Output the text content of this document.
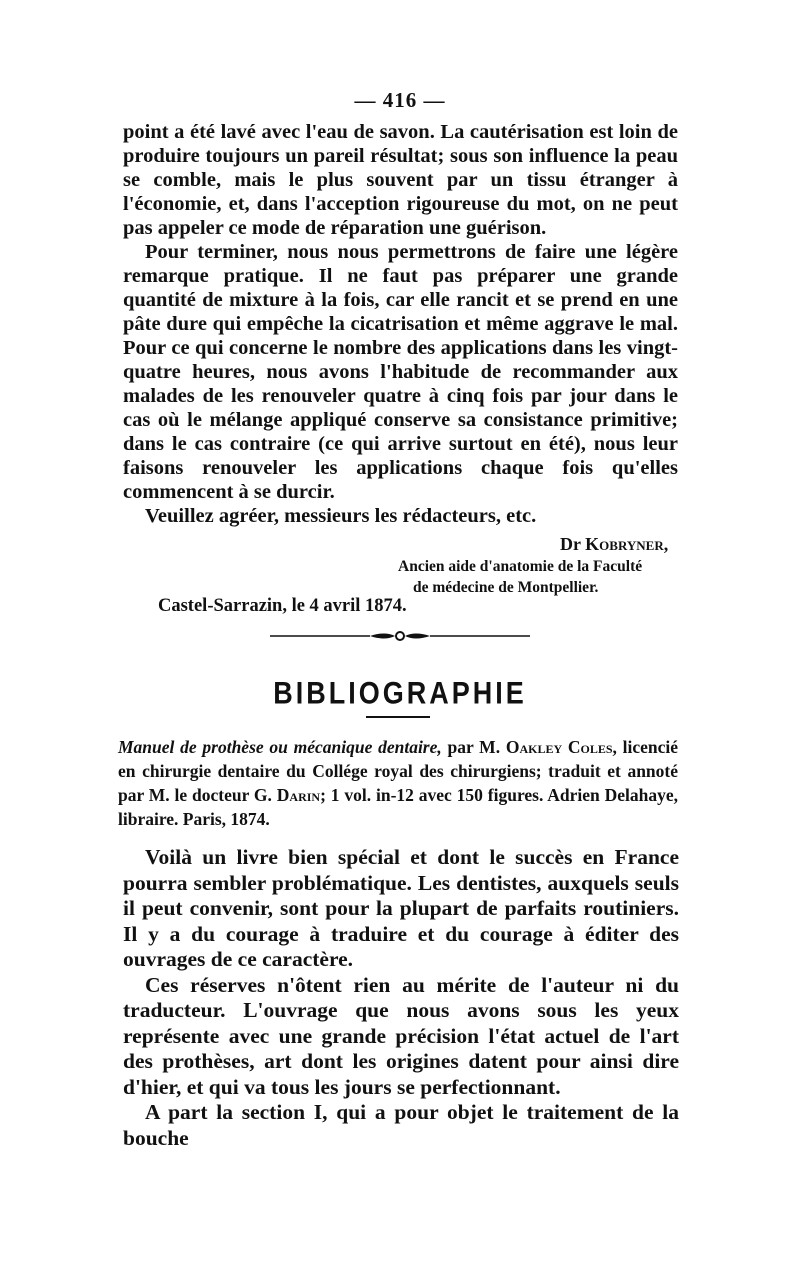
— 416 —

point a été lavé avec l'eau de savon. La cautérisation est loin de produire toujours un pareil résultat; sous son influence la peau se comble, mais le plus souvent par un tissu étranger à l'économie, et, dans l'acception rigoureuse du mot, on ne peut pas appeler ce mode de réparation une guérison.

Pour terminer, nous nous permettrons de faire une légère remarque pratique. Il ne faut pas préparer une grande quantité de mixture à la fois, car elle rancit et se prend en une pâte dure qui empêche la cicatrisation et même aggrave le mal. Pour ce qui concerne le nombre des applications dans les vingt-quatre heures, nous avons l'habitude de recommander aux malades de les renouveler quatre à cinq fois par jour dans le cas où le mélange appliqué conserve sa consistance primitive; dans le cas contraire (ce qui arrive surtout en été), nous leur faisons renouveler les applications chaque fois qu'elles commencent à se durcir.

Veuillez agréer, messieurs les rédacteurs, etc.

Dr Kobryner,
Ancien aide d'anatomie de la Faculté
de médecine de Montpellier.
Castel-Sarrazin, le 4 avril 1874.
BIBLIOGRAPHIE
Manuel de prothèse ou mécanique dentaire, par M. Oakley Coles, licencié en chirurgie dentaire du Collége royal des chirurgiens; traduit et annoté par M. le docteur G. Darin; 1 vol. in-12 avec 150 figures. Adrien Delahaye, libraire. Paris, 1874.

Voilà un livre bien spécial et dont le succès en France pourra sembler problématique. Les dentistes, auxquels seuls il peut convenir, sont pour la plupart de parfaits routiniers. Il y a du courage à traduire et du courage à éditer des ouvrages de ce caractère.

Ces réserves n'ôtent rien au mérite de l'auteur ni du traducteur. L'ouvrage que nous avons sous les yeux représente avec une grande précision l'état actuel de l'art des prothèses, art dont les origines datent pour ainsi dire d'hier, et qui va tous les jours se perfectionnant.

A part la section I, qui a pour objet le traitement de la bouche
